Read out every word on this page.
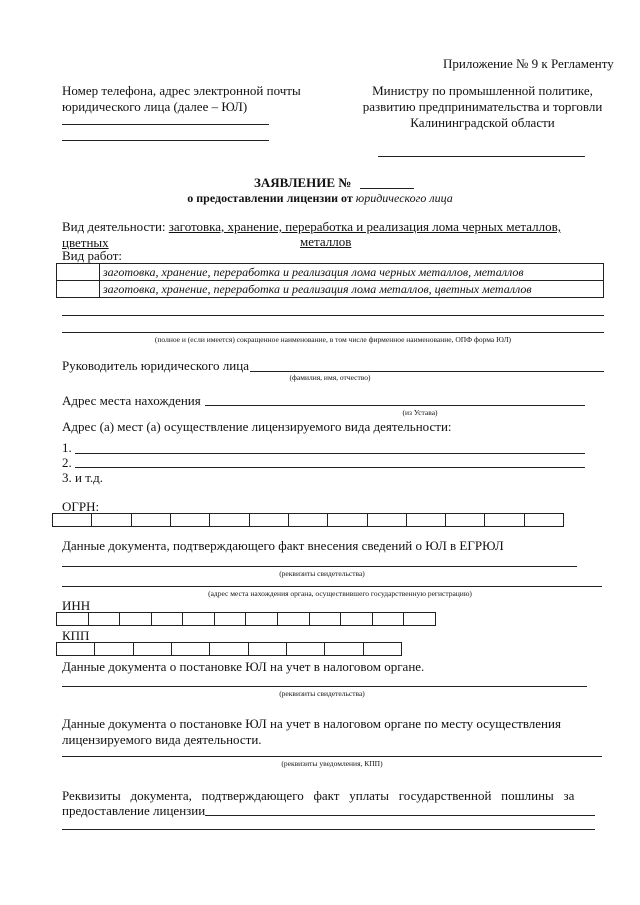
Приложение № 9 к Регламенту
Номер телефона, адрес электронной почты
юридического лица (далее – ЮЛ)
Министру по промышленной политике,
развитию предпринимательства и торговли
Калининградской области
ЗАЯВЛЕНИЕ №
о предоставлении лицензии от юридического лица
Вид деятельности: заготовка, хранение, переработка и реализация лома черных металлов, цветных	металлов
Вид работ:
	заготовка, хранение, переработка и реализация лома черных металлов, металлов
	заготовка, хранение, переработка и реализация лома металлов, цветных металлов
(полное и (если имеется) сокращенное наименование, в том числе фирменное наименование, ОПФ форма ЮЛ)
Руководитель юридического лица
(фамилия, имя, отчество)
Адрес места нахождения
(из Устава)
Адрес (а) мест (а) осуществление лицензируемого вида деятельности:
1.
2.
3. и т.д.
ОГРН:
Данные документа, подтверждающего факт внесения сведений о ЮЛ в ЕГРЮЛ
(реквизиты свидетельства)
(адрес места нахождения органа, осуществившего государственную регистрацию)
ИНН
КПП
Данные документа о постановке ЮЛ на учет в налоговом органе.
(реквизиты свидетельства)
Данные документа о постановке ЮЛ на учет в налоговом органе по месту осуществления
лицензируемого вида деятельности.
(реквизиты уведомления, КПП)
Реквизиты   документа,   подтверждающего   факт   уплаты   государственной   пошлины   за
предоставление лицензии
